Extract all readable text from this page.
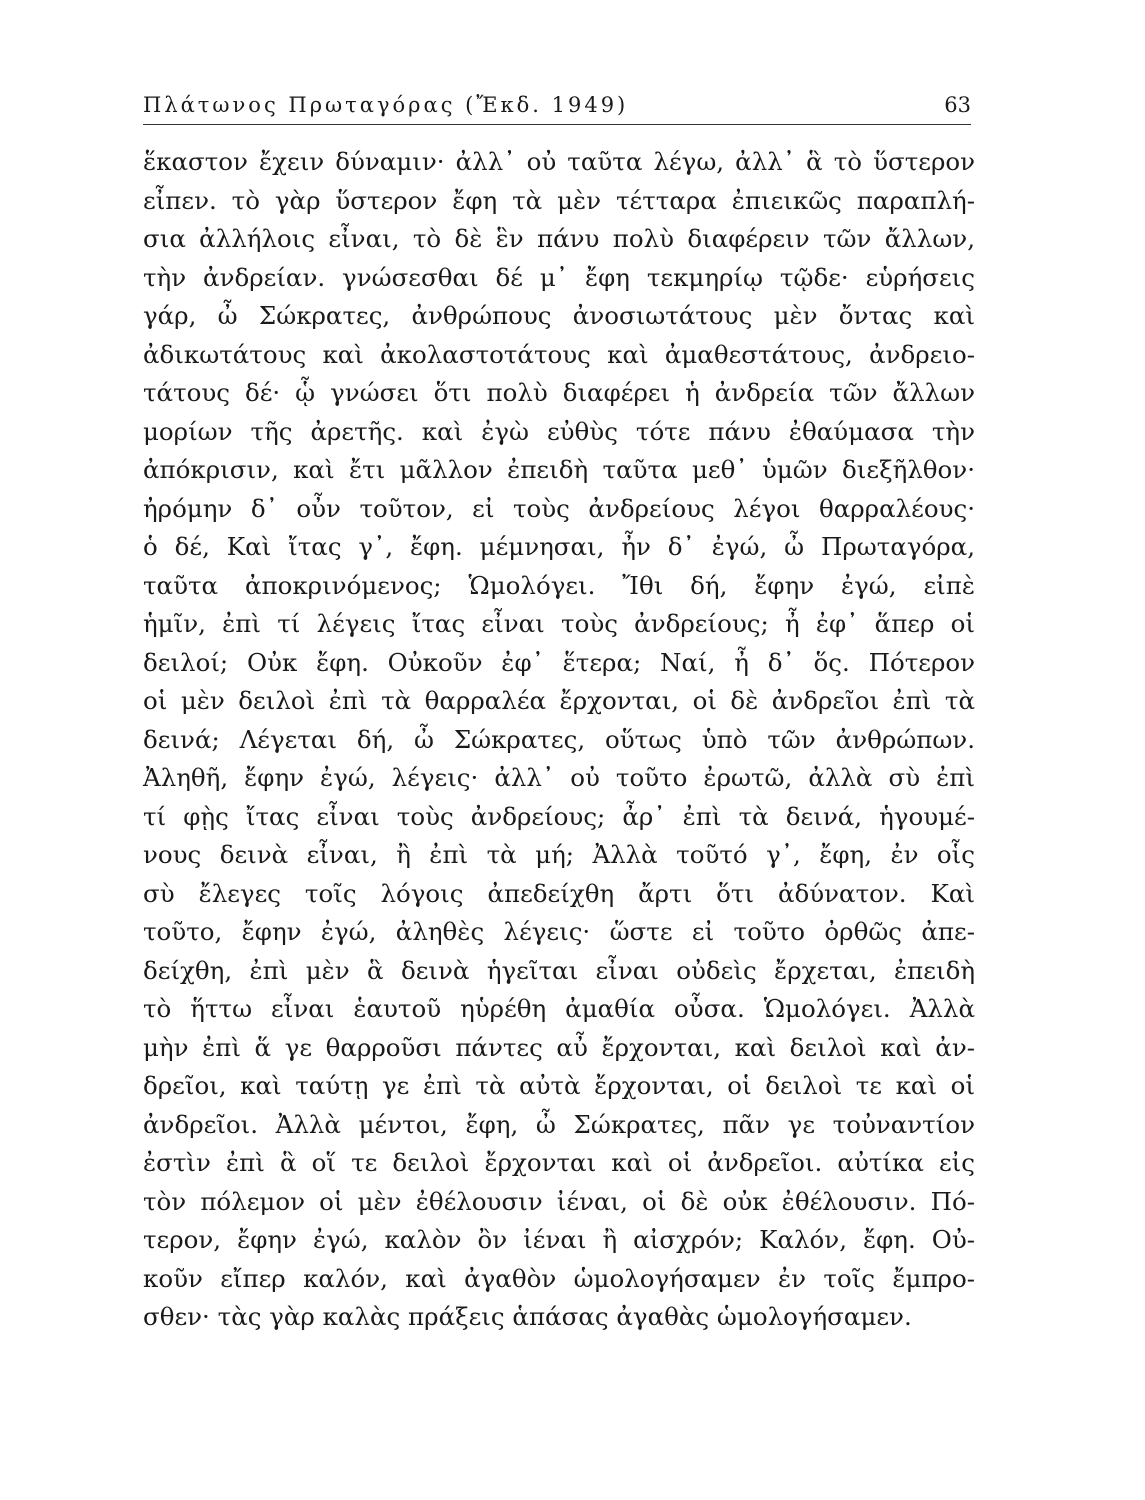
Πλάτωνος Πρωταγόρας (Ἔκδ. 1949)	63
ἕκαστον ἔχειν δύναμιν· ἀλλ᾽ οὐ ταῦτα λέγω, ἀλλ᾽ ἃ τὸ ὕστερον
εἶπεν. τὸ γὰρ ὕστερον ἔφη τὰ μὲν τέτταρα ἐπιεικῶς παραπλή-
σια ἀλλήλοις εἶναι, τὸ δὲ ἓν πάνυ πολὺ διαφέρειν τῶν ἄλλων,
τὴν ἀνδρείαν. γνώσεσθαι δέ μ᾽ ἔφη τεκμηρίῳ τῷδε· εὑρήσεις
γάρ, ὦ Σώκρατες, ἀνθρώπους ἀνοσιωτάτους μὲν ὄντας καὶ
ἀδικωτάτους καὶ ἀκολαστοτάτους καὶ ἀμαθεστάτους, ἀνδρειο-
τάτους δέ· ᾧ γνώσει ὅτι πολὺ διαφέρει ἡ ἀνδρεία τῶν ἄλλων
μορίων τῆς ἀρετῆς. καὶ ἐγὼ εὐθὺς τότε πάνυ ἐθαύμασα τὴν
ἀπόκρισιν, καὶ ἔτι μᾶλλον ἐπειδὴ ταῦτα μεθ᾽ ὑμῶν διεξῆλθον·
ἠρόμην δ᾽ οὖν τοῦτον, εἰ τοὺς ἀνδρείους λέγοι θαρραλέους·
ὁ δέ, Καὶ ἴτας γ᾽, ἔφη. μέμνησαι, ἦν δ᾽ ἐγώ, ὦ Πρωταγόρα,
ταῦτα ἀποκρινόμενος; Ὡμολόγει. Ἴθι δή, ἔφην ἐγώ, εἰπὲ
ἡμῖν, ἐπὶ τί λέγεις ἴτας εἶναι τοὺς ἀνδρείους; ἦ ἐφ᾽ ἅπερ οἱ
δειλοί; Οὐκ ἔφη. Οὐκοῦν ἐφ᾽ ἕτερα; Ναί, ἦ δ᾽ ὅς. Πότερον
οἱ μὲν δειλοὶ ἐπὶ τὰ θαρραλέα ἔρχονται, οἱ δὲ ἀνδρεῖοι ἐπὶ τὰ
δεινά; Λέγεται δή, ὦ Σώκρατες, οὕτως ὑπὸ τῶν ἀνθρώπων.
Ἀληθῆ, ἔφην ἐγώ, λέγεις· ἀλλ᾽ οὐ τοῦτο ἐρωτῶ, ἀλλὰ σὺ ἐπὶ
τί φῂς ἴτας εἶναι τοὺς ἀνδρείους; ἆρ᾽ ἐπὶ τὰ δεινά, ἡγουμέ-
νους δεινὰ εἶναι, ἢ ἐπὶ τὰ μή; Ἀλλὰ τοῦτό γ᾽, ἔφη, ἐν οἷς
σὺ ἔλεγες τοῖς λόγοις ἀπεδείχθη ἄρτι ὅτι ἀδύνατον. Καὶ
τοῦτο, ἔφην ἐγώ, ἀληθὲς λέγεις· ὥστε εἰ τοῦτο ὀρθῶς ἀπε-
δείχθη, ἐπὶ μὲν ἃ δεινὰ ἡγεῖται εἶναι οὐδεὶς ἔρχεται, ἐπειδὴ
τὸ ἥττω εἶναι ἑαυτοῦ ηὑρέθη ἀμαθία οὖσα. Ὡμολόγει. Ἀλλὰ
μὴν ἐπὶ ἅ γε θαρροῦσι πάντες αὖ ἔρχονται, καὶ δειλοὶ καὶ ἀν-
δρεῖοι, καὶ ταύτῃ γε ἐπὶ τὰ αὐτὰ ἔρχονται, οἱ δειλοὶ τε καὶ οἱ
ἀνδρεῖοι. Ἀλλὰ μέντοι, ἔφη, ὦ Σώκρατες, πᾶν γε τοὐναντίον
ἐστὶν ἐπὶ ἃ οἵ τε δειλοὶ ἔρχονται καὶ οἱ ἀνδρεῖοι. αὐτίκα εἰς
τὸν πόλεμον οἱ μὲν ἐθέλουσιν ἰέναι, οἱ δὲ οὐκ ἐθέλουσιν. Πό-
τερον, ἔφην ἐγώ, καλὸν ὂν ἰέναι ἢ αἰσχρόν; Καλόν, ἔφη. Οὐ-
κοῦν εἴπερ καλόν, καὶ ἀγαθὸν ὡμολογήσαμεν ἐν τοῖς ἔμπρο-
σθεν· τὰς γὰρ καλὰς πράξεις ἁπάσας ἀγαθὰς ὡμολογήσαμεν.
